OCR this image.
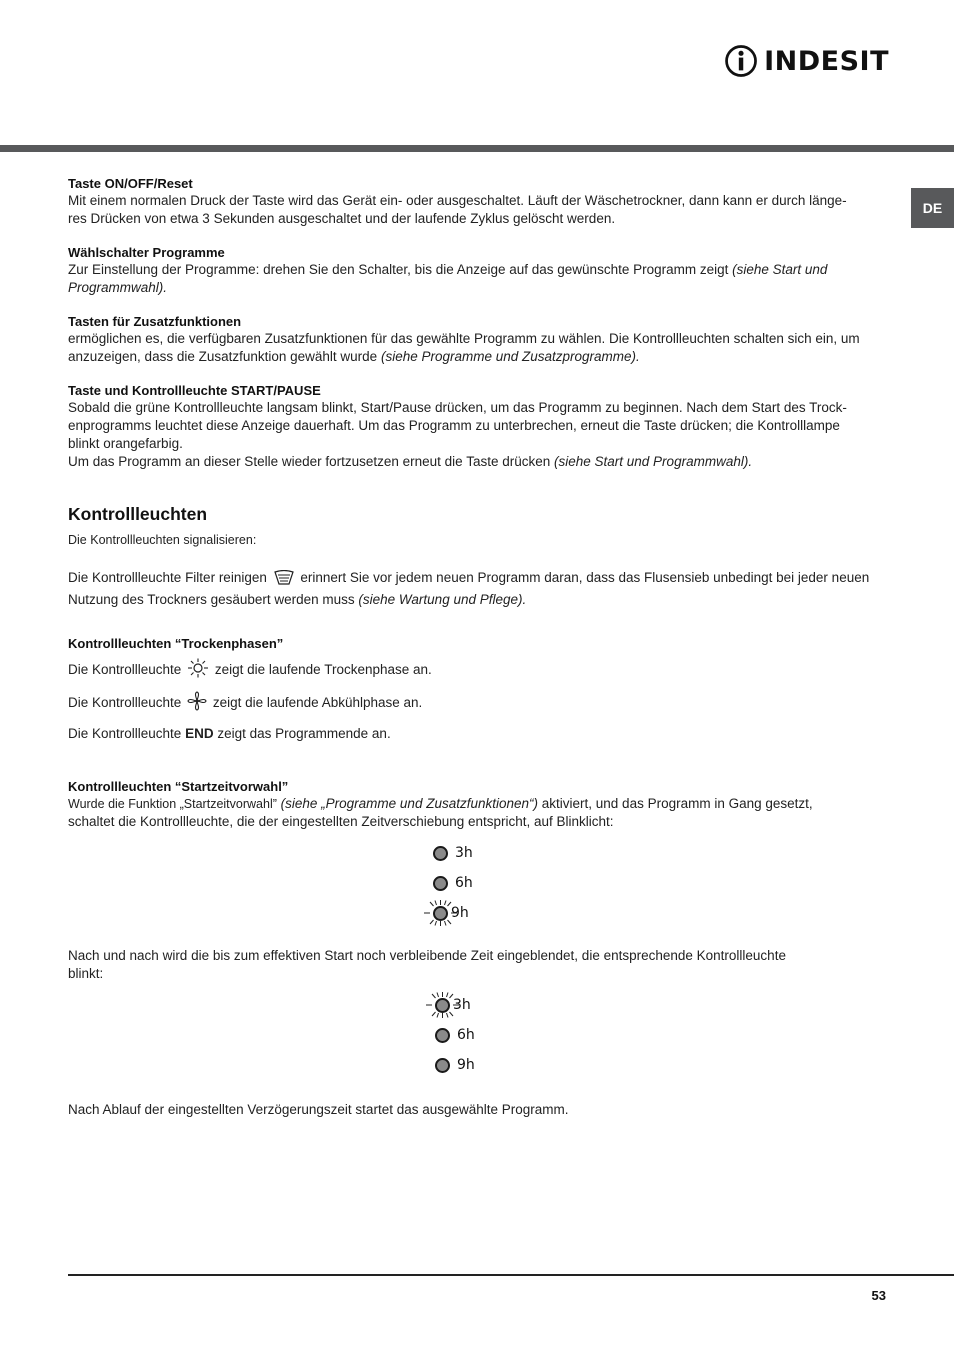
INDESIT
DE
Taste ON/OFF/Reset

Mit einem normalen Druck der Taste wird das Gerät ein- oder ausgeschaltet. Läuft der Wäschetrockner, dann kann er durch länge-

res Drücken von etwa 3 Sekunden ausgeschaltet und der laufende Zyklus gelöscht werden.

Wählschalter Programme

Zur Einstellung der Programme: drehen Sie den Schalter, bis die Anzeige auf das gewünschte Programm zeigt (siehe Start und

Programmwahl).

Tasten für Zusatzfunktionen

ermöglichen es, die verfügbaren Zusatzfunktionen für das gewählte Programm zu wählen. Die Kontrollleuchten schalten sich ein, um

anzuzeigen, dass die Zusatzfunktion gewählt wurde (siehe Programme und Zusatzprogramme).

Taste und Kontrollleuchte START/PAUSE

Sobald die grüne Kontrollleuchte langsam blinkt, Start/Pause drücken, um das Programm zu beginnen. Nach dem Start des Trock-

enprogramms leuchtet diese Anzeige dauerhaft. Um das Programm zu unterbrechen, erneut die Taste drücken; die Kontrolllampe

blinkt orangefarbig.

Um das Programm an dieser Stelle wieder fortzusetzen erneut die Taste drücken (siehe Start und Programmwahl).

Kontrollleuchten

Die Kontrollleuchten signalisieren:

Die Kontrollleuchte Filter reinigen  erinnert Sie vor jedem neuen Programm daran, dass das Flusensieb unbedingt bei jeder neuen

Nutzung des Trockners gesäubert werden muss (siehe Wartung und Pflege).

Kontrollleuchten “Trockenphasen”

Die Kontrollleuchte zeigt die laufende Trockenphase an.

Die Kontrollleuchte zeigt die laufende Abkühlphase an.

Die Kontrollleuchte END zeigt das Programmende an.

Kontrollleuchten “Startzeitvorwahl”

Wurde die Funktion „Startzeitvorwahl” (siehe „Programme und Zusatzfunktionen“) aktiviert, und das Programm in Gang gesetzt,

schaltet die Kontrollleuchte, die der eingestellten Zeitverschiebung entspricht, auf Blinklicht:

3h
6h
9h

Nach und nach wird die bis zum effektiven Start noch verbleibende Zeit eingeblendet, die entsprechende Kontrollleuchte

blinkt:

3h
6h
9h

Nach Ablauf der eingestellten Verzögerungszeit startet das ausgewählte Programm.

53
